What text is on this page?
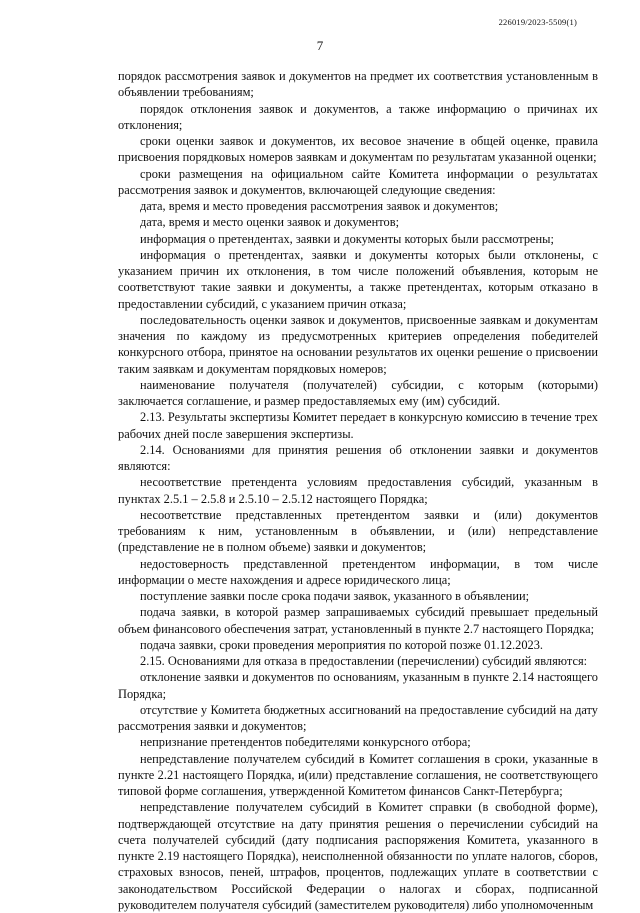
226019/2023-5509(1)
7

порядок рассмотрения заявок и документов на предмет их соответствия установленным в объявлении требованиям;

порядок отклонения заявок и документов, а также информацию о причинах их отклонения;

сроки оценки заявок и документов, их весовое значение в общей оценке, правила присвоения порядковых номеров заявкам и документам по результатам указанной оценки;

сроки размещения на официальном сайте Комитета информации о результатах рассмотрения заявок и документов, включающей следующие сведения:

дата, время и место проведения рассмотрения заявок и документов;

дата, время и место оценки заявок и документов;

информация о претендентах, заявки и документы которых были рассмотрены;

информация о претендентах, заявки и документы которых были отклонены, с указанием причин их отклонения, в том числе положений объявления, которым не соответствуют такие заявки и документы, а также претендентах, которым отказано в предоставлении субсидий, с указанием причин отказа;

последовательность оценки заявок и документов, присвоенные заявкам и документам значения по каждому из предусмотренных критериев определения победителей конкурсного отбора, принятое на основании результатов их оценки решение о присвоении таким заявкам и документам порядковых номеров;

наименование получателя (получателей) субсидии, с которым (которыми) заключается соглашение, и размер предоставляемых ему (им) субсидий.

2.13. Результаты экспертизы Комитет передает в конкурсную комиссию в течение трех рабочих дней после завершения экспертизы.

2.14. Основаниями для принятия решения об отклонении заявки и документов являются:

несоответствие претендента условиям предоставления субсидий, указанным в пунктах 2.5.1 – 2.5.8 и 2.5.10 – 2.5.12 настоящего Порядка;

несоответствие представленных претендентом заявки и (или) документов требованиям к ним, установленным в объявлении, и (или) непредставление (представление не в полном объеме) заявки и документов;

недостоверность представленной претендентом информации, в том числе информации о месте нахождения и адресе юридического лица;

поступление заявки после срока подачи заявок, указанного в объявлении;

подача заявки, в которой размер запрашиваемых субсидий превышает предельный объем финансового обеспечения затрат, установленный в пункте 2.7 настоящего Порядка;

подача заявки, сроки проведения мероприятия по которой позже 01.12.2023.

2.15. Основаниями для отказа в предоставлении (перечислении) субсидий являются:

отклонение заявки и документов по основаниям, указанным в пункте 2.14 настоящего Порядка;

отсутствие у Комитета бюджетных ассигнований на предоставление субсидий на дату рассмотрения заявки и документов;

непризнание претендентов победителями конкурсного отбора;

непредставление получателем субсидий в Комитет соглашения в сроки, указанные в пункте 2.21 настоящего Порядка, и(или) представление соглашения, не соответствующего типовой форме соглашения, утвержденной Комитетом финансов Санкт-Петербурга;

непредставление получателем субсидий в Комитет справки (в свободной форме), подтверждающей отсутствие на дату принятия решения о перечислении субсидий на счета получателей субсидий (дату подписания распоряжения Комитета, указанного в пункте 2.19 настоящего Порядка), неисполненной обязанности по уплате налогов, сборов, страховых взносов, пеней, штрафов, процентов, подлежащих уплате в соответствии с законодательством Российской Федерации о налогах и сборах, подписанной руководителем получателя субсидий (заместителем руководителя) либо уполномоченным
